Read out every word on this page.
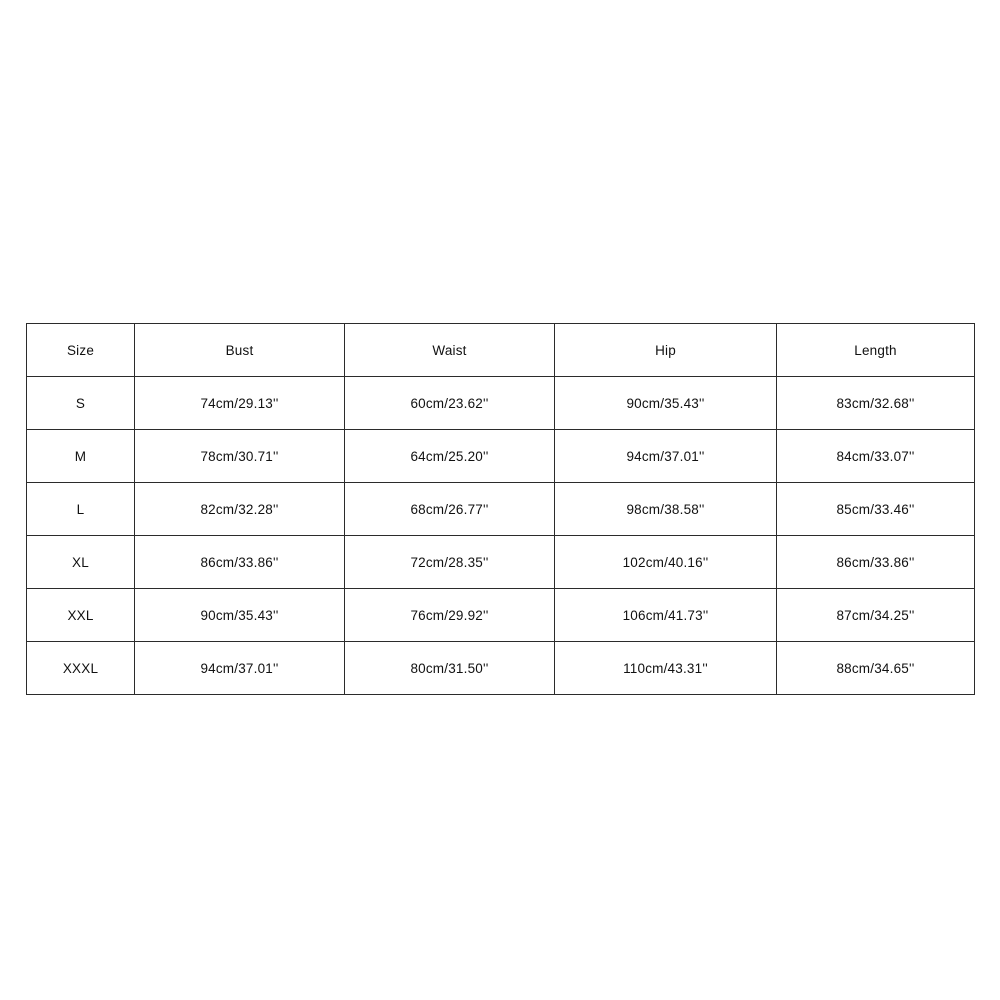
Size	Bust	Waist	Hip	Length
S	74cm/29.13''	60cm/23.62''	90cm/35.43''	83cm/32.68''
M	78cm/30.71''	64cm/25.20''	94cm/37.01''	84cm/33.07''
L	82cm/32.28''	68cm/26.77''	98cm/38.58''	85cm/33.46''
XL	86cm/33.86''	72cm/28.35''	102cm/40.16''	86cm/33.86''
XXL	90cm/35.43''	76cm/29.92''	106cm/41.73''	87cm/34.25''
XXXL	94cm/37.01''	80cm/31.50''	110cm/43.31''	88cm/34.65''
